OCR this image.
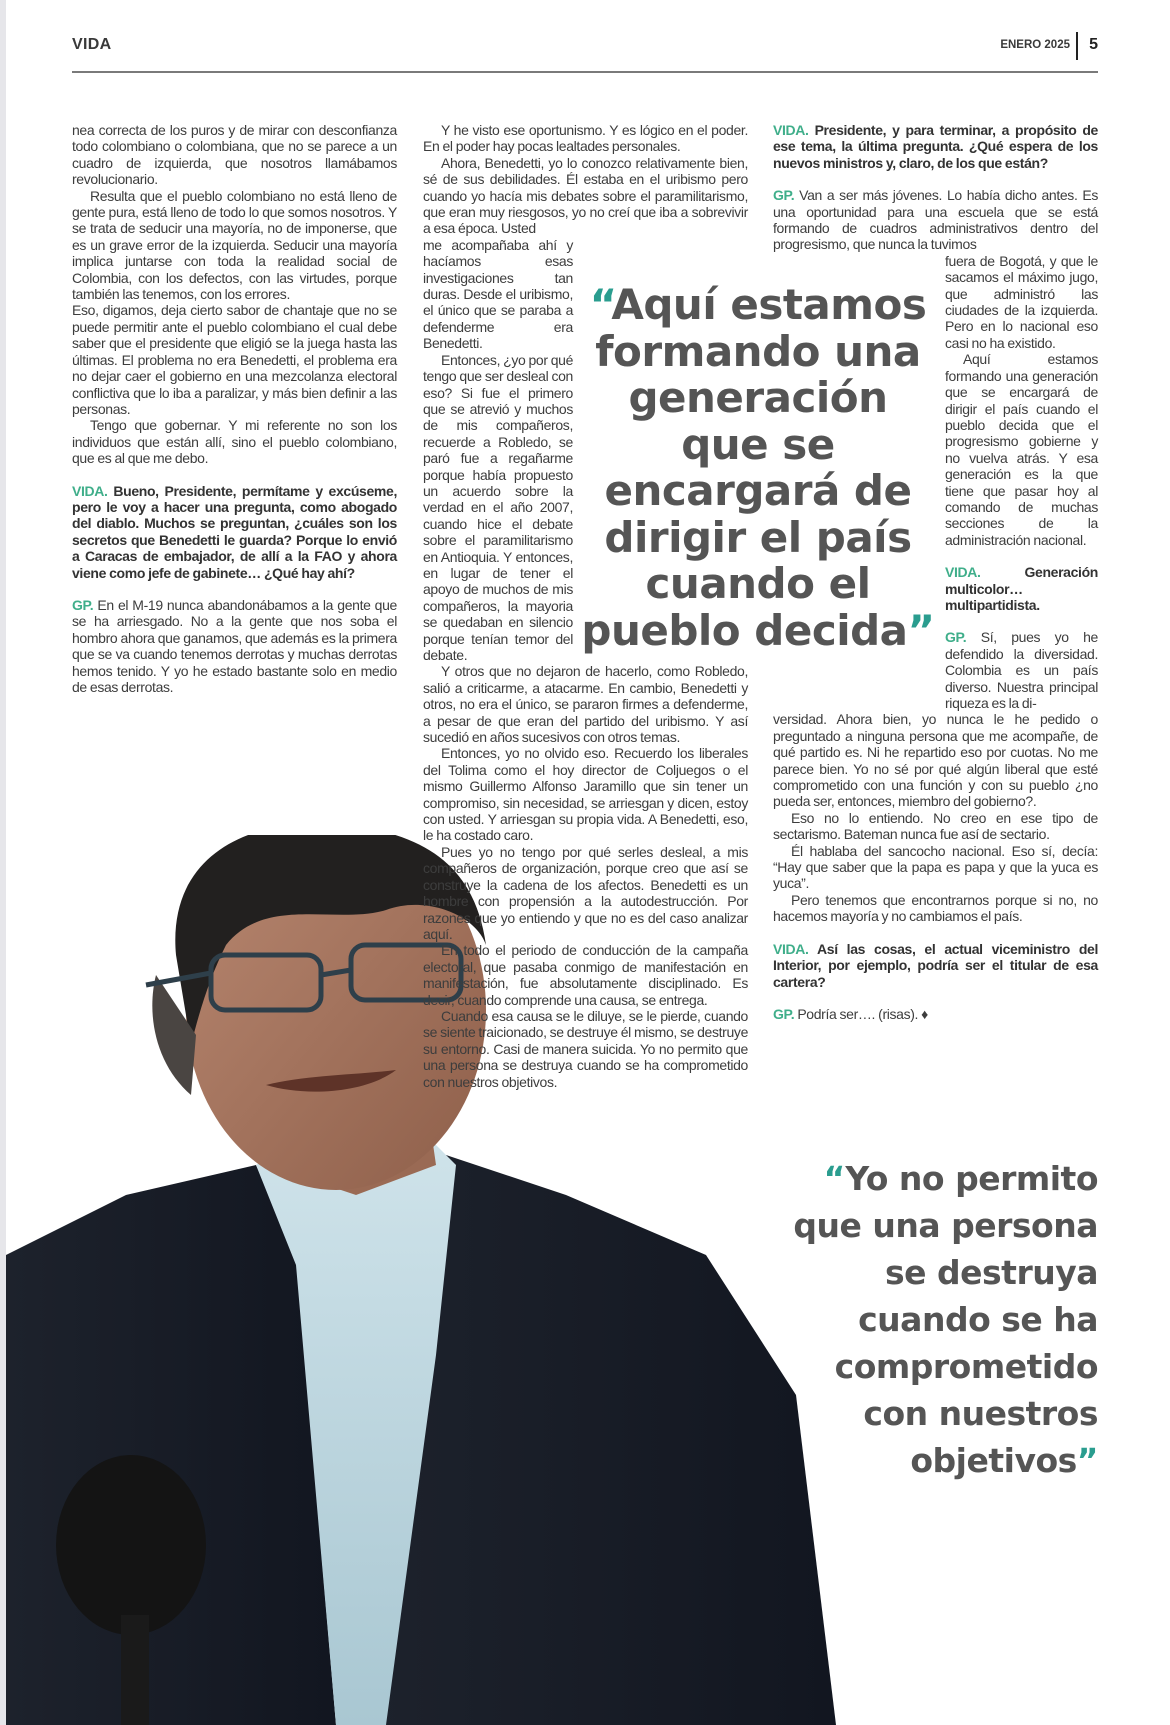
VIDA	ENERO 2025 5

nea correcta de los puros y de mirar con desconfianza todo colombiano o colombiana, que no se parece a un cuadro de izquierda, que nosotros llamábamos revolucionario.

Resulta que el pueblo colombiano no está lleno de gente pura, está lleno de todo lo que somos nosotros. Y se trata de seducir una mayoría, no de imponerse, que es un grave error de la izquierda. Seducir una mayoría implica juntarse con toda la realidad social de Colombia, con los defectos, con las virtudes, porque también las tenemos, con los errores.

Eso, digamos, deja cierto sabor de chantaje que no se puede permitir ante el pueblo colombiano el cual debe saber que el presidente que eligió se la juega hasta las últimas. El problema no era Benedetti, el problema era no dejar caer el gobierno en una mezcolanza electoral conflictiva que lo iba a paralizar, y más bien definir a las personas.

Tengo que gobernar. Y mi referente no son los individuos que están allí, sino el pueblo colombiano, que es al que me debo.

VIDA. Bueno, Presidente, permítame y excúseme, pero le voy a hacer una pregunta, como abogado del diablo. Muchos se preguntan, ¿cuáles son los secretos que Benedetti le guarda? Porque lo envió a Caracas de embajador, de allí a la FAO y ahora viene como jefe de gabinete… ¿Qué hay ahí?

GP. En el M-19 nunca abandonábamos a la gente que se ha arriesgado. No a la gente que nos soba el hombro ahora que ganamos, que además es la primera que se va cuando tenemos derrotas y muchas derrotas hemos tenido. Y yo he estado bastante solo en medio de esas derrotas.

Y he visto ese oportunismo. Y es lógico en el poder. En el poder hay pocas lealtades personales.

Ahora, Benedetti, yo lo conozco relativamente bien, sé de sus debilidades. Él estaba en el uribismo pero cuando yo hacía mis debates sobre el paramilitarismo, que eran muy riesgosos, yo no creí que iba a sobrevivir a esa época. Usted

me acompañaba ahí y hacíamos esas investigaciones tan duras. Desde el uribismo, el único que se paraba a defenderme era Benedetti.

Entonces, ¿yo por qué tengo que ser desleal con eso? Si fue el primero que se atrevió y muchos de mis compañeros, recuerde a Robledo, se paró fue a regañarme porque había propuesto un acuerdo sobre la verdad en el año 2007, cuando hice el debate sobre el paramilitarismo en Antioquia. Y entonces, en lugar de tener el apoyo de muchos de mis compañeros, la mayoria se quedaban en silencio porque tenían temor del debate.

Y otros que no dejaron de hacerlo, como Robledo, salió a criticarme, a atacarme. En cambio, Benedetti y otros, no era el único, se pararon firmes a defenderme, a pesar de que eran del partido del uribismo. Y así sucedió en años sucesivos con otros temas.

Entonces, yo no olvido eso. Recuerdo los liberales del Tolima como el hoy director de Coljuegos o el mismo Guillermo Alfonso Jaramillo que sin tener un compromiso, sin necesidad, se arriesgan y dicen, estoy con usted. Y arriesgan su propia vida. A Benedetti, eso, le ha costado caro.

Pues yo no tengo por qué serles desleal, a mis compañeros de organización, porque creo que así se construye la cadena de los afectos. Benedetti es un hombre con propensión a la autodestrucción. Por razones que yo entiendo y que no es del caso analizar aquí.

En todo el periodo de conducción de la campaña electoral, que pasaba conmigo de manifestación en manifestación, fue absolutamente disciplinado. Es decir, cuando comprende una causa, se entrega.

Cuando esa causa se le diluye, se le pierde, cuando se siente traicionado, se destruye él mismo, se destruye su entorno. Casi de manera suicida. Yo no permito que una persona se destruya cuando se ha comprometido con nuestros objetivos.

VIDA. Presidente, y para terminar, a propósito de ese tema, la última pregunta. ¿Qué espera de los nuevos ministros y, claro, de los que están?

GP. Van a ser más jóvenes. Lo había dicho antes. Es una oportunidad para una escuela que se está formando de cuadros administrativos dentro del progresismo, que nunca la tuvimos

fuera de Bogotá, y que le sacamos el máximo jugo, que administró las ciudades de la izquierda. Pero en lo nacional eso casi no ha existido.

Aquí estamos formando una generación que se encargará de dirigir el país cuando el pueblo decida que el progresismo gobierne y no vuelva atrás. Y esa generación es la que tiene que pasar hoy al comando de muchas secciones de la administración nacional.

VIDA.	Generación multicolor… multipartidista.

GP. Sí, pues yo he defendido la diversidad. Colombia es un país diverso. Nuestra principal riqueza es la di-

versidad. Ahora bien, yo nunca le he pedido o preguntado a ninguna persona que me acompañe, de qué partido es. Ni he repartido eso por cuotas. No me parece bien. Yo no sé por qué algún liberal que esté comprometido con una función y con su pueblo ¿no pueda ser, entonces, miembro del gobierno?.

Eso no lo entiendo. No creo en ese tipo de sectarismo. Bateman nunca fue así de sectario.

Él hablaba del sancocho nacional. Eso sí, decía: “Hay que saber que la papa es papa y que la yuca es yuca”.

Pero tenemos que encontrarnos porque si no, no hacemos mayoría y no cambiamos el país.

VIDA. Así las cosas, el actual viceministro del Interior, por ejemplo, podría ser el titular de esa cartera?

GP. Podría ser…. (risas). ♦

“Aquí estamos formando una generación que se encargará de dirigir el país cuando el pueblo decida”
“Yo no permito que una persona se destruya cuando se ha comprometido con nuestros objetivos”
